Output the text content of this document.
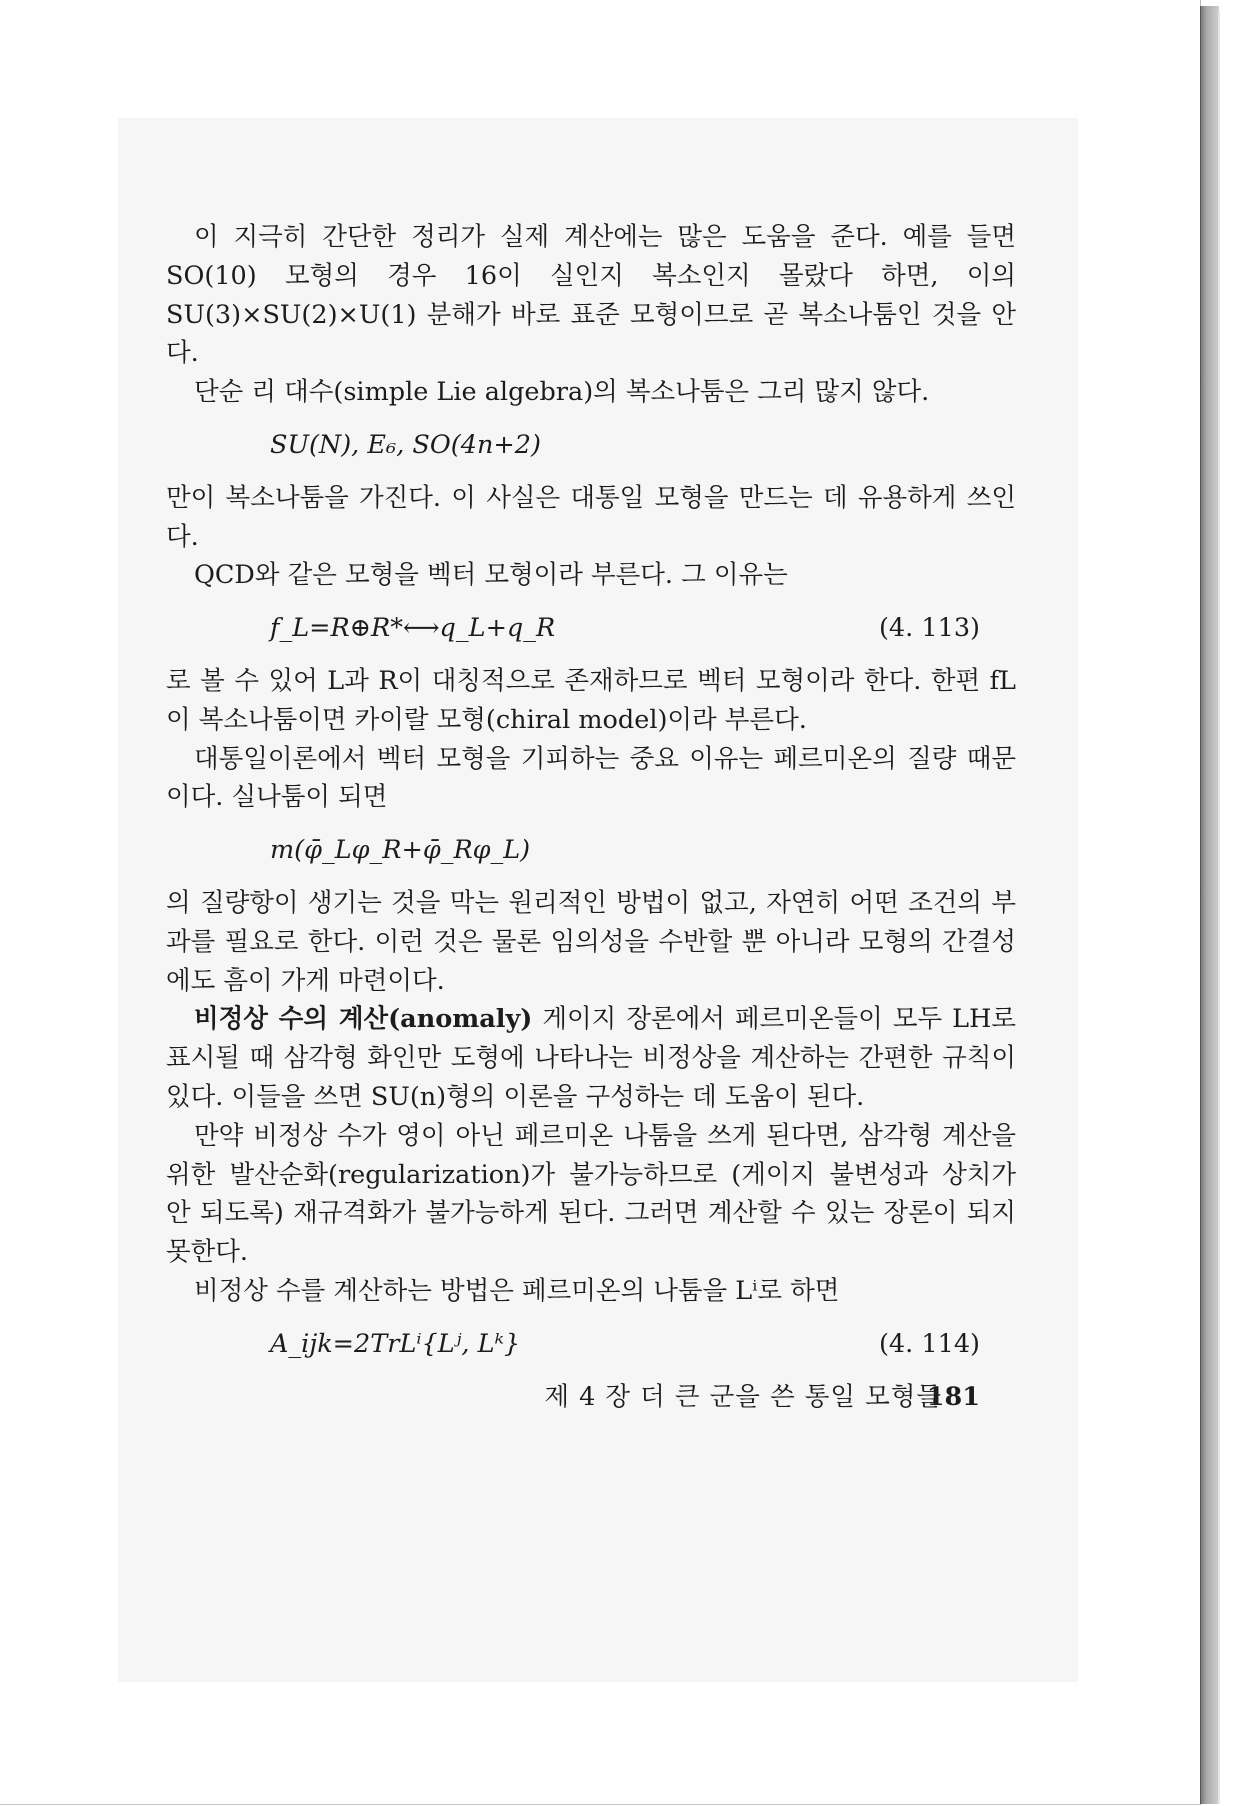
이 지극히 간단한 정리가 실제 계산에는 많은 도움을 준다. 예를 들면 SO(10) 모형의 경우 16이 실인지 복소인지 몰랐다 하면, 이의 SU(3)×SU(2)×U(1) 분해가 바로 표준 모형이므로 곧 복소나툼인 것을 안다.

단순 리 대수(simple Lie algebra)의 복소나툼은 그리 많지 않다.

SU(N), E₆, SO(4n+2)

만이 복소나툼을 가진다. 이 사실은 대통일 모형을 만드는 데 유용하게 쓰인다.

QCD와 같은 모형을 벡터 모형이라 부른다. 그 이유는

f_L=R⊕R*⟷q_L+q_R	(4. 113)

로 볼 수 있어 L과 R이 대칭적으로 존재하므로 벡터 모형이라 한다. 한편 fL이 복소나툼이면 카이랄 모형(chiral model)이라 부른다.

대통일이론에서 벡터 모형을 기피하는 중요 이유는 페르미온의 질량 때문이다. 실나툼이 되면

m(φ̄_Lφ_R+φ̄_Rφ_L)

의 질량항이 생기는 것을 막는 원리적인 방법이 없고, 자연히 어떤 조건의 부과를 필요로 한다. 이런 것은 물론 임의성을 수반할 뿐 아니라 모형의 간결성에도 흠이 가게 마련이다.

비정상 수의 계산(anomaly) 게이지 장론에서 페르미온들이 모두 LH로 표시될 때 삼각형 화인만 도형에 나타나는 비정상을 계산하는 간편한 규칙이 있다. 이들을 쓰면 SU(n)형의 이론을 구성하는 데 도움이 된다.

만약 비정상 수가 영이 아닌 페르미온 나툼을 쓰게 된다면, 삼각형 계산을 위한 발산순화(regularization)가 불가능하므로 (게이지 불변성과 상치가 안 되도록) 재규격화가 불가능하게 된다. 그러면 계산할 수 있는 장론이 되지 못한다.

비정상 수를 계산하는 방법은 페르미온의 나툼을 Lⁱ로 하면

A_ijk=2TrLⁱ{Lʲ, Lᵏ}	(4. 114)
제 4 장 더 큰 군을 쓴 통일 모형들
181
